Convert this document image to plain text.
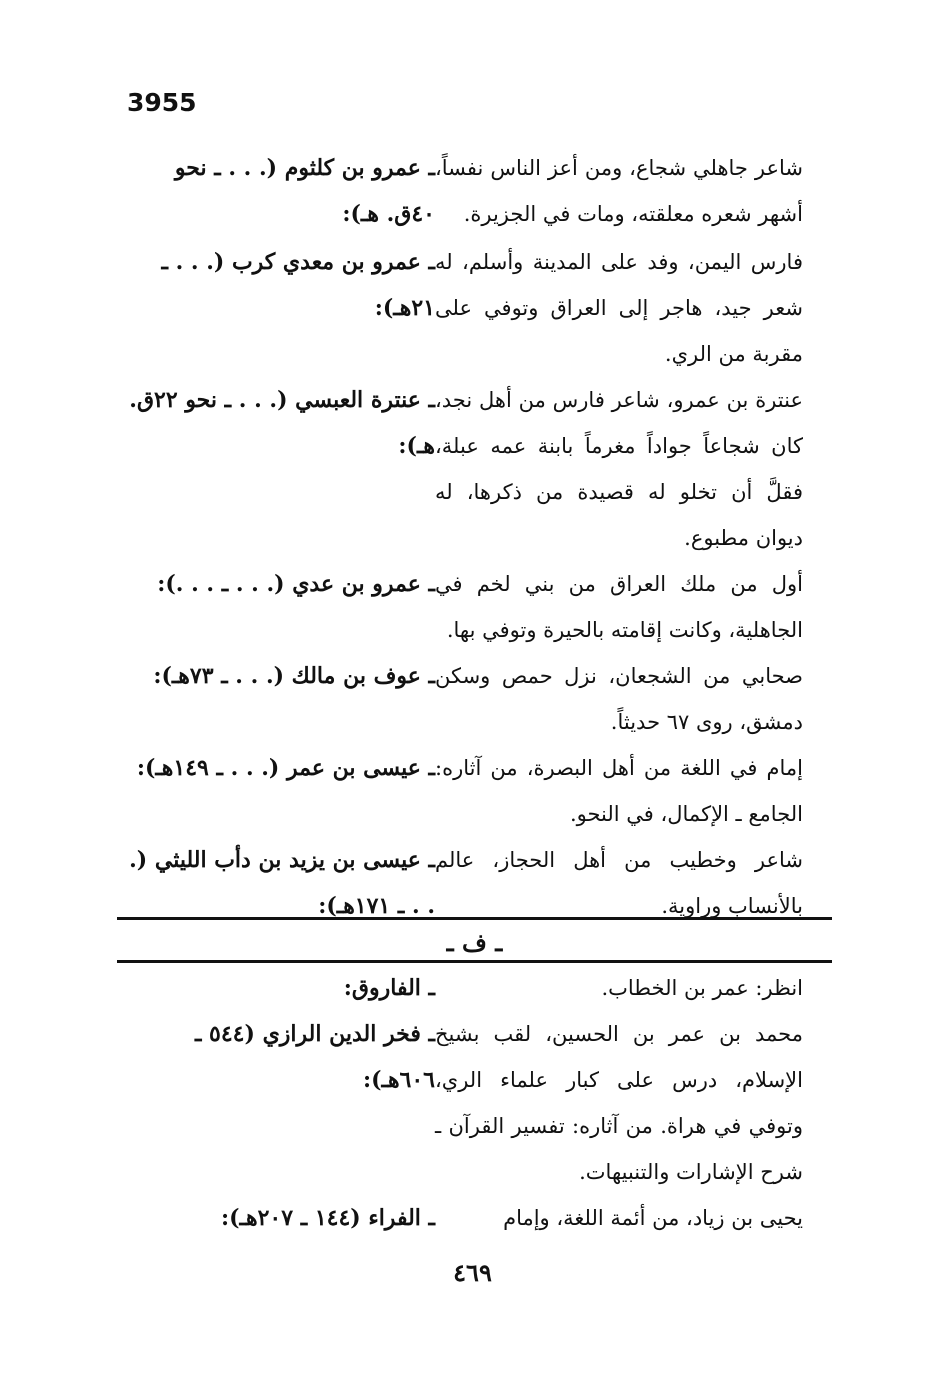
3955
ـ عمرو بن كلثوم (. . . ـ نحو ٤٠ق. هـ):
شاعر جاهلي شجاع، ومن أعز الناس نفساً، أشهر شعره معلقته، ومات في الجزيرة.
ـ عمرو بن معدي كرب (. . . ـ ٢١هـ):
فارس اليمن، وفد على المدينة وأسلم، له شعر جيد، هاجر إلى العراق وتوفي على مقربة من الري.
ـ عنترة العبسي (. . . ـ نحو ٢٢ق. هـ):
عنترة بن عمرو، شاعر فارس من أهل نجد، كان شجاعاً جواداً مغرماً بابنة عمه عبلة، فقلَّ أن تخلو له قصيدة من ذكرها، له ديوان مطبوع.
ـ عمرو بن عدي (. . . ـ . . .): أول من ملك العراق من بني لخم في الجاهلية، وكانت إقامته بالحيرة وتوفي بها.
ـ عوف بن مالك (. . . ـ ٧٣هـ): صحابي من الشجعان، نزل حمص وسكن دمشق، روى ٦٧ حديثاً.
ـ عيسى بن عمر (. . . ـ ١٤٩هـ): إمام في اللغة من أهل البصرة، من آثاره: الجامع ـ الإكمال، في النحو.
ـ عيسى بن يزيد بن دأب الليثي (. . . ـ ١٧١هـ):
شاعر وخطيب من أهل الحجاز، عالم بالأنساب وراوية.
ـ ف ـ
ـ الفاروق:	انظر: عمر بن الخطاب.
ـ فخر الدين الرازي (٥٤٤ ـ ٦٠٦هـ):
محمد بن عمر بن الحسين، لقب بشيخ الإسلام، درس على كبار علماء الري، وتوفي في هراة. من آثاره: تفسير القرآن ـ شرح الإشارات والتنبيهات.
ـ الفراء (١٤٤ ـ ٢٠٧هـ):	يحيى بن زياد، من أئمة اللغة، وإمام
٤٦٩
